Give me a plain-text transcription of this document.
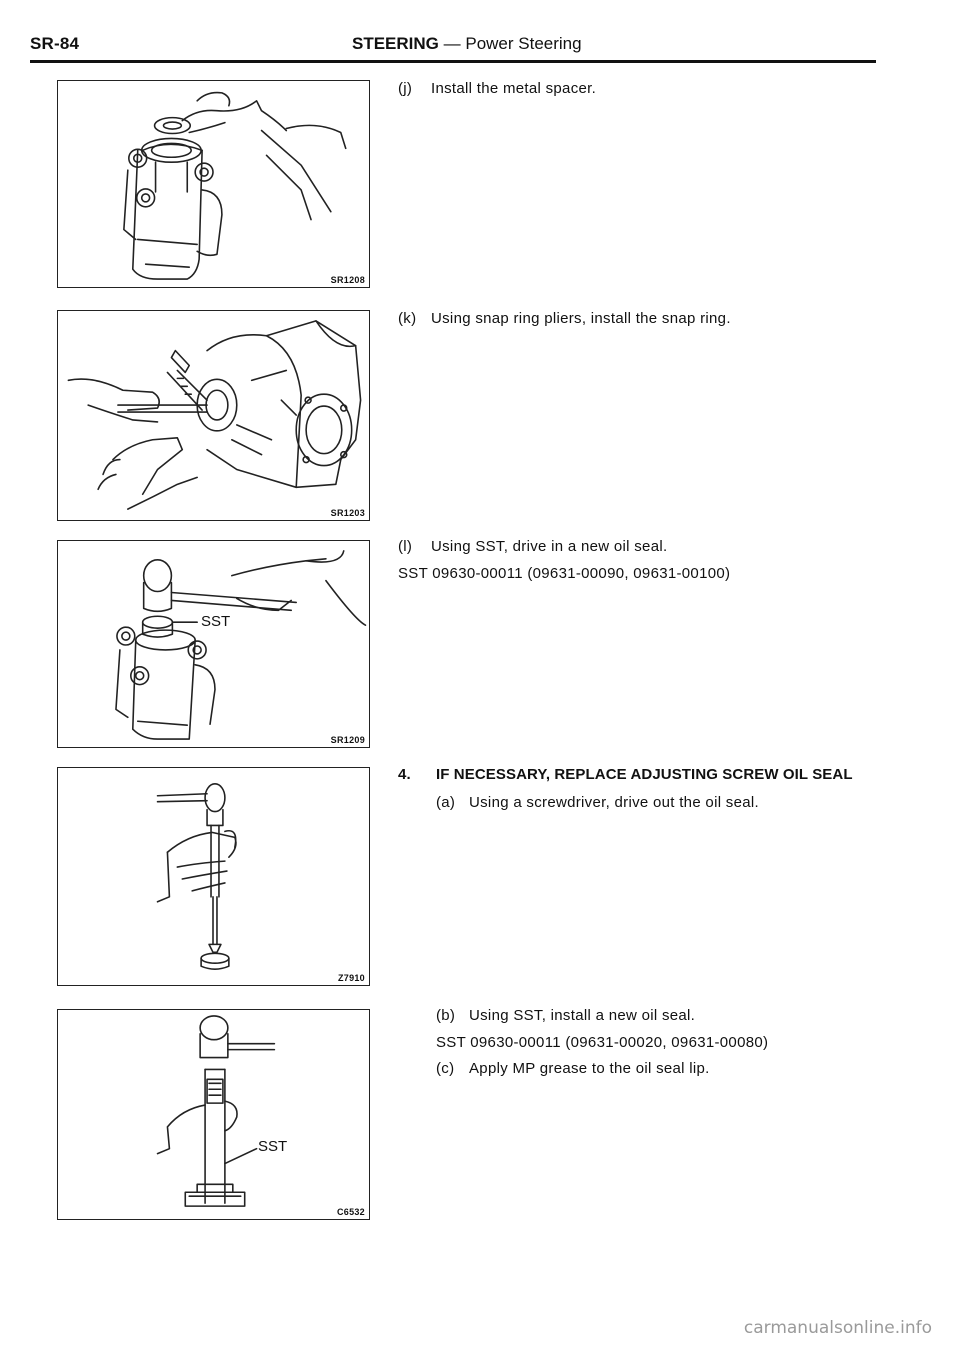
SR-84	STEERING — Power Steering
SR1208
SR1203
SST
SR1209
Z7910
SST
C6532
(j) Install the metal spacer.
(k) Using snap ring pliers, install the snap ring.
(l) Using SST, drive in a new oil seal.
SST 09630-00011 (09631-00090, 09631-00100)
4. IF NECESSARY, REPLACE ADJUSTING SCREW OIL SEAL
(a) Using a screwdriver, drive out the oil seal.
(b) Using SST, install a new oil seal.
SST 09630-00011 (09631-00020, 09631-00080)
(c) Apply MP grease to the oil seal lip.
carmanualsonline.info
